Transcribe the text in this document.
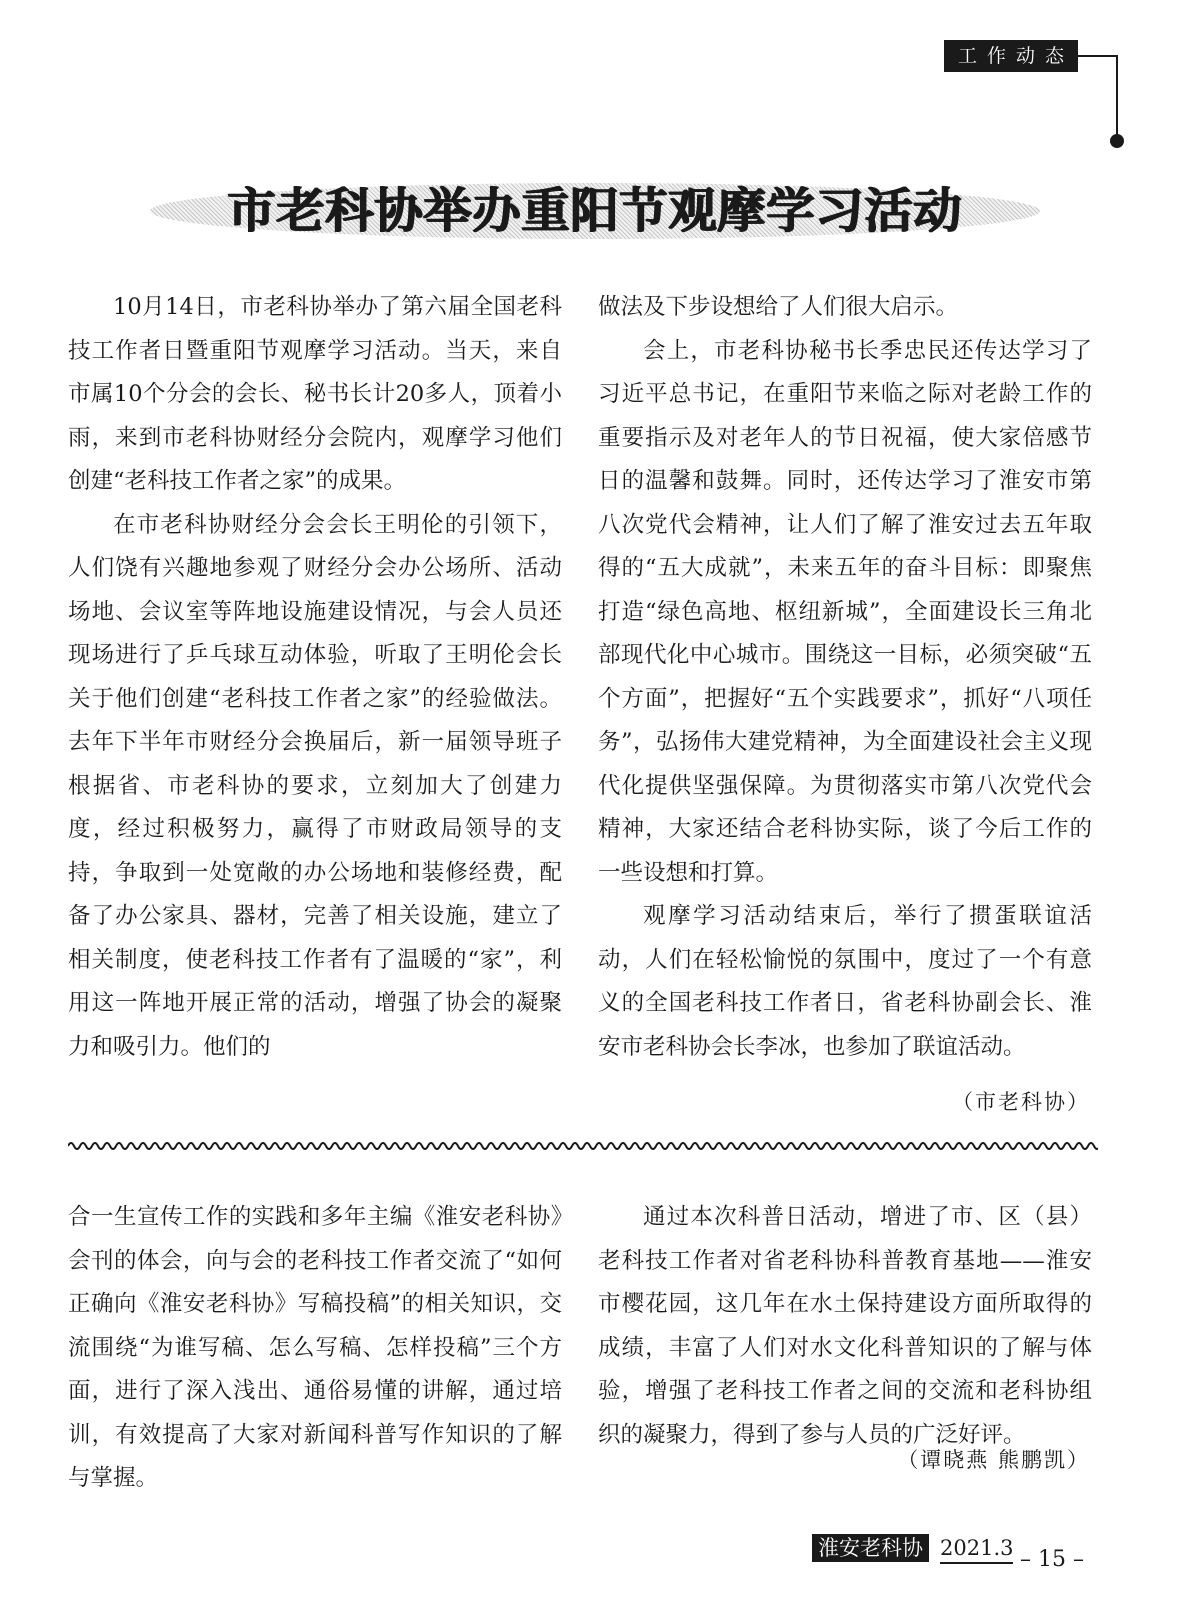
工作动态
市老科协举办重阳节观摩学习活动

10月14日，市老科协举办了第六届全国老科技工作者日暨重阳节观摩学习活动。当天，来自市属10个分会的会长、秘书长计20多人，顶着小雨，来到市老科协财经分会院内，观摩学习他们创建“老科技工作者之家”的成果。

在市老科协财经分会会长王明伦的引领下，人们饶有兴趣地参观了财经分会办公场所、活动场地、会议室等阵地设施建设情况，与会人员还现场进行了乒乓球互动体验，听取了王明伦会长关于他们创建“老科技工作者之家”的经验做法。去年下半年市财经分会换届后，新一届领导班子根据省、市老科协的要求，立刻加大了创建力度，经过积极努力，赢得了市财政局领导的支持，争取到一处宽敞的办公场地和装修经费，配备了办公家具、器材，完善了相关设施，建立了相关制度，使老科技工作者有了温暖的“家”，利用这一阵地开展正常的活动，增强了协会的凝聚力和吸引力。他们的

做法及下步设想给了人们很大启示。

会上，市老科协秘书长季忠民还传达学习了习近平总书记，在重阳节来临之际对老龄工作的重要指示及对老年人的节日祝福，使大家倍感节日的温馨和鼓舞。同时，还传达学习了淮安市第八次党代会精神，让人们了解了淮安过去五年取得的“五大成就”，未来五年的奋斗目标：即聚焦打造“绿色高地、枢纽新城”，全面建设长三角北部现代化中心城市。围绕这一目标，必须突破“五个方面”，把握好“五个实践要求”，抓好“八项任务”，弘扬伟大建党精神，为全面建设社会主义现代化提供坚强保障。为贯彻落实市第八次党代会精神，大家还结合老科协实际，谈了今后工作的一些设想和打算。

观摩学习活动结束后，举行了掼蛋联谊活动，人们在轻松愉悦的氛围中，度过了一个有意义的全国老科技工作者日，省老科协副会长、淮安市老科协会长李冰，也参加了联谊活动。

（市老科协）

合一生宣传工作的实践和多年主编《淮安老科协》会刊的体会，向与会的老科技工作者交流了“如何正确向《淮安老科协》写稿投稿”的相关知识，交流围绕“为谁写稿、怎么写稿、怎样投稿”三个方面，进行了深入浅出、通俗易懂的讲解，通过培训，有效提高了大家对新闻科普写作知识的了解与掌握。

通过本次科普日活动，增进了市、区（县）老科技工作者对省老科协科普教育基地——淮安市樱花园，这几年在水土保持建设方面所取得的成绩，丰富了人们对水文化科普知识的了解与体验，增强了老科技工作者之间的交流和老科协组织的凝聚力，得到了参与人员的广泛好评。

（谭晓燕 熊鹏凯）
淮安老科协 2021.3 – 15 –
